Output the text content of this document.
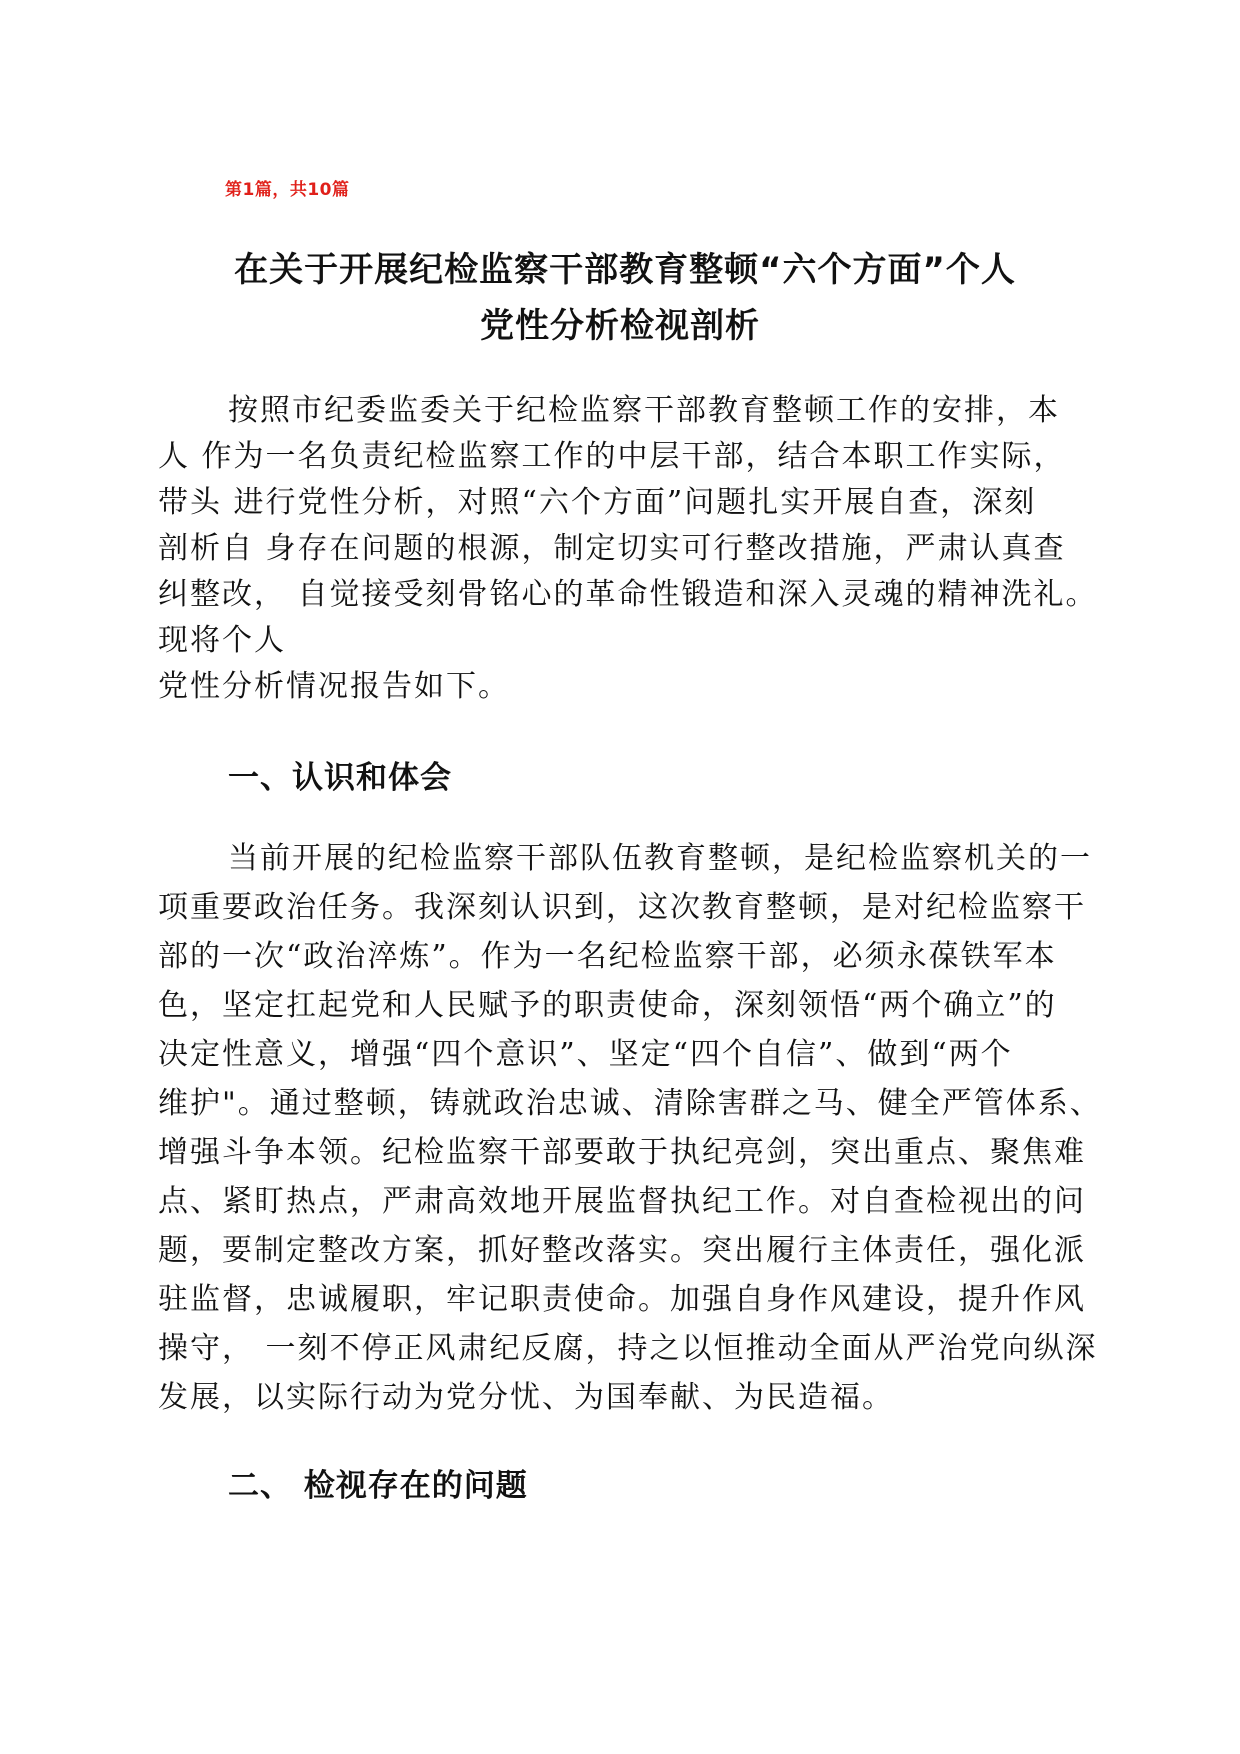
第1篇，共10篇
在关于开展纪检监察干部教育整顿“六个方面”个人
党性分析检视剖析
按照市纪委监委关于纪检监察干部教育整顿工作的安排，本
人 作为一名负责纪检监察工作的中层干部，结合本职工作实际，
带头 进行党性分析，对照“六个方面”问题扎实开展自查，深刻
剖析自 身存在问题的根源，制定切实可行整改措施，严肃认真查
纠整改， 自觉接受刻骨铭心的革命性锻造和深入灵魂的精神洗礼。
现将个人
党性分析情况报告如下。
一、认识和体会
当前开展的纪检监察干部队伍教育整顿，是纪检监察机关的一
项重要政治任务。我深刻认识到，这次教育整顿，是对纪检监察干
部的一次“政治淬炼”。作为一名纪检监察干部，必须永葆铁军本
色，坚定扛起党和人民赋予的职责使命，深刻领悟“两个确立”的
决定性意义，增强“四个意识”、坚定“四个自信”、做到“两个
维护"。通过整顿，铸就政治忠诚、清除害群之马、健全严管体系、
增强斗争本领。纪检监察干部要敢于执纪亮剑，突出重点、聚焦难
点、紧盯热点，严肃高效地开展监督执纪工作。对自查检视出的问
题，要制定整改方案，抓好整改落实。突出履行主体责任，强化派
驻监督，忠诚履职，牢记职责使命。加强自身作风建设，提升作风
操守， 一刻不停正风肃纪反腐，持之以恒推动全面从严治党向纵深
发展，以实际行动为党分忧、为国奉献、为民造福。
二、 检视存在的问题
